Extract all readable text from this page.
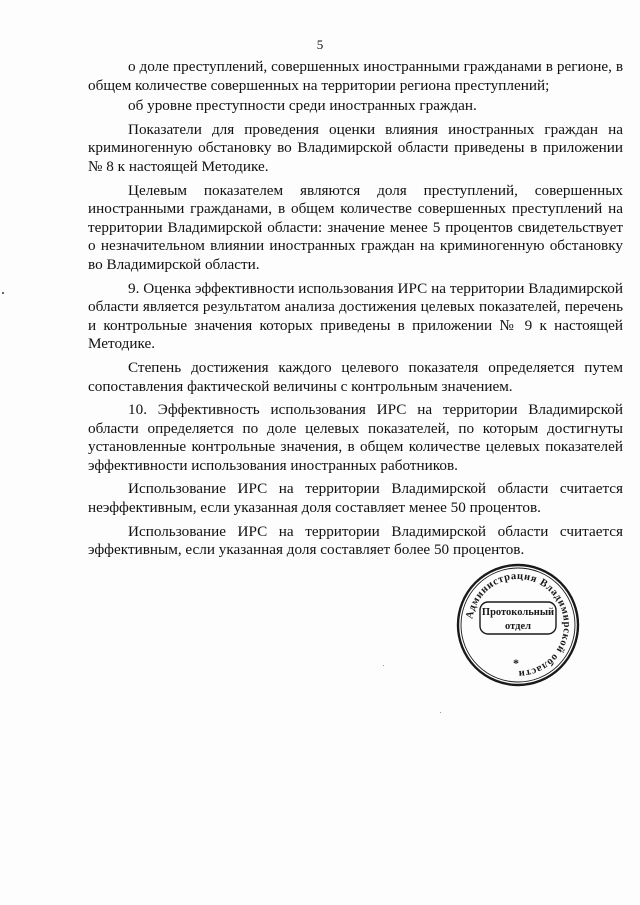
5

о доле преступлений, совершенных иностранными гражданами в регионе, в общем количестве совершенных на территории региона преступлений;

об уровне преступности среди иностранных граждан.

Показатели для проведения оценки влияния иностранных граждан на криминогенную обстановку во Владимирской области приведены в приложении № 8 к настоящей Методике.

Целевым показателем являются доля преступлений, совершенных иностранными гражданами, в общем количестве совершенных преступлений на территории Владимирской области: значение менее 5 процентов свидетельствует о незначительном влиянии иностранных граждан на криминогенную обстановку во Владимирской области.

9. Оценка эффективности использования ИРС на территории Владимирской области является результатом анализа достижения целевых показателей, перечень и контрольные значения которых приведены в приложении № 9 к настоящей Методике.

Степень достижения каждого целевого показателя определяется путем сопоставления фактической величины с контрольным значением.

10. Эффективность использования ИРС на территории Владимирской области определяется по доле целевых показателей, по которым достигнуты установленные контрольные значения, в общем количестве целевых показателей эффективности использования иностранных работников.

Использование ИРС на территории Владимирской области считается неэффективным, если указанная доля составляет менее 50 процентов.

Использование ИРС на территории Владимирской области считается эффективным, если указанная доля составляет более 50 процентов.

Администрация Владимирской области
Протокольный
отдел
*
